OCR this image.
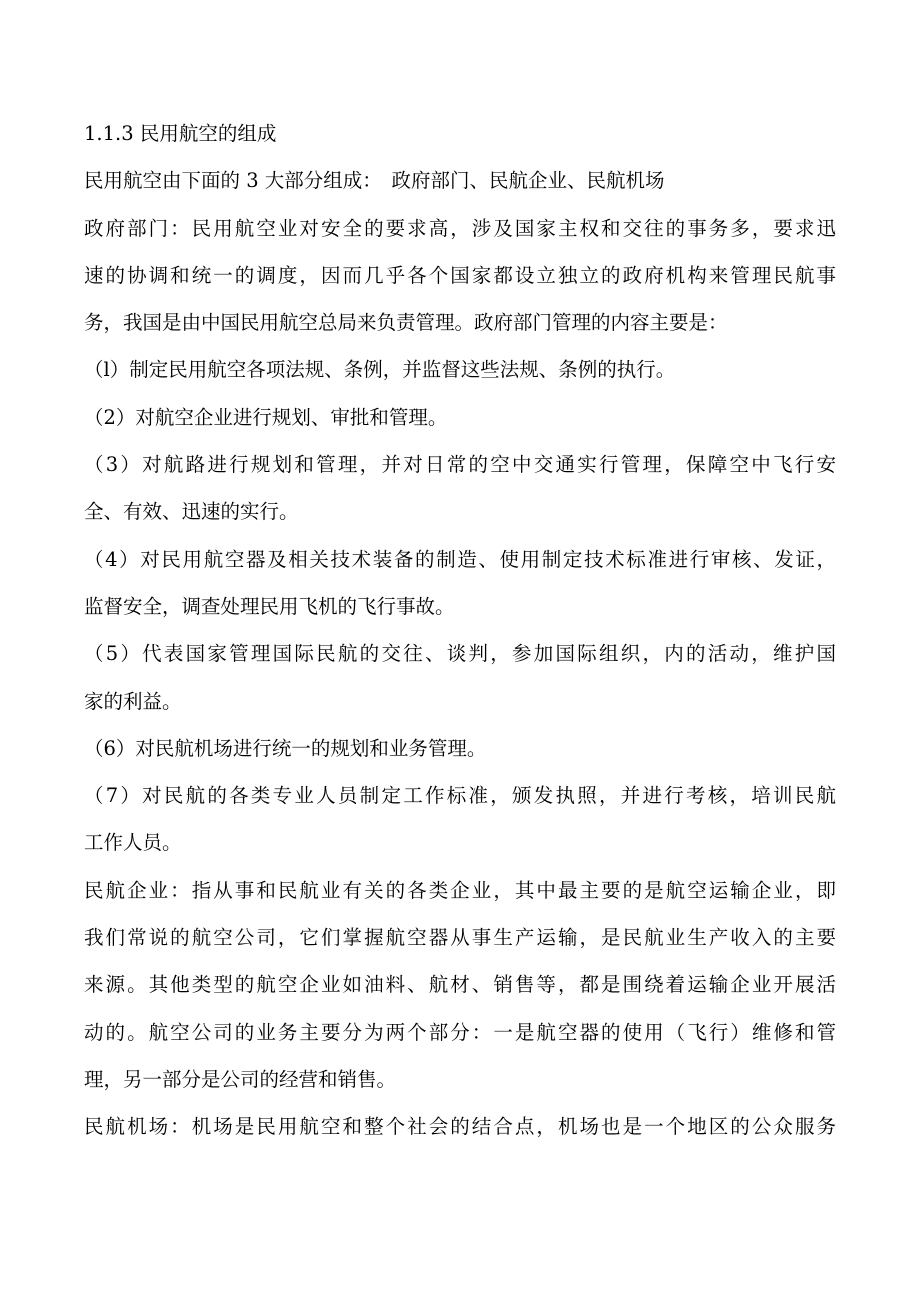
1.1.3 民用航空的组成
民用航空由下面的 3 大部分组成：　政府部门、民航企业、民航机场
政府部门：民用航空业对安全的要求高，涉及国家主权和交往的事务多，要求迅
速的协调和统一的调度，因而几乎各个国家都设立独立的政府机构来管理民航事
务，我国是由中国民用航空总局来负责管理。政府部门管理的内容主要是：
（l）制定民用航空各项法规、条例，并监督这些法规、条例的执行。
（2）对航空企业进行规划、审批和管理。
（3）对航路进行规划和管理，并对日常的空中交通实行管理，保障空中飞行安
全、有效、迅速的实行。
（4）对民用航空器及相关技术装备的制造、使用制定技术标准进行审核、发证，
监督安全，调查处理民用飞机的飞行事故。
（5）代表国家管理国际民航的交往、谈判，参加国际组织，内的活动，维护国
家的利益。
（6）对民航机场进行统一的规划和业务管理。
（7）对民航的各类专业人员制定工作标准，颁发执照，并进行考核，培训民航
工作人员。
民航企业：指从事和民航业有关的各类企业，其中最主要的是航空运输企业，即
我们常说的航空公司，它们掌握航空器从事生产运输，是民航业生产收入的主要
来源。其他类型的航空企业如油料、航材、销售等，都是围绕着运输企业开展活
动的。航空公司的业务主要分为两个部分：一是航空器的使用（飞行）维修和管
理，另一部分是公司的经营和销售。
民航机场：机场是民用航空和整个社会的结合点，机场也是一个地区的公众服务
